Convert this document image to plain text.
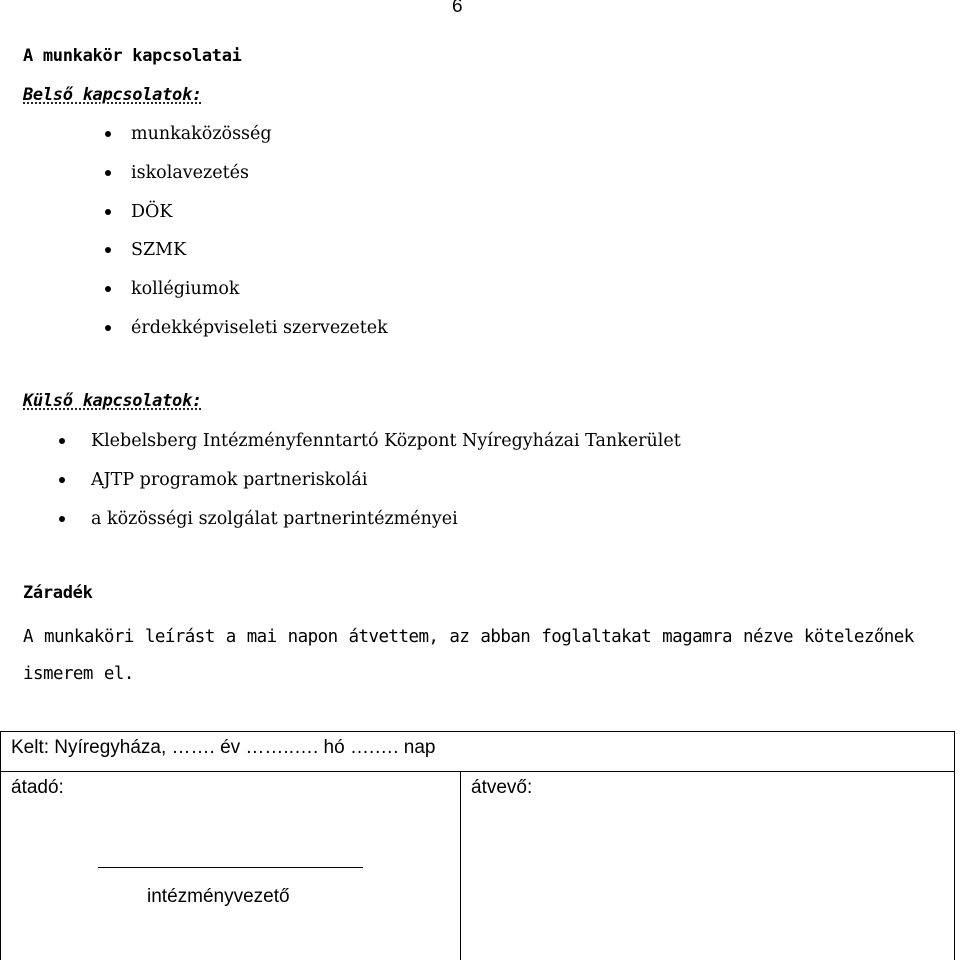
6
A munkakör kapcsolatai
Belső kapcsolatok:
munkaközösség
iskolavezetés
DÖK
SZMK
kollégiumok
érdekképviseleti szervezetek
Külső kapcsolatok:
Klebelsberg Intézményfenntartó Központ Nyíregyházai Tankerület
AJTP programok partneriskolái
a közösségi szolgálat partnerintézményei
Záradék
A munkaköri leírást a mai napon átvettem, az abban foglaltakat magamra nézve kötelezőnek ismerem el.
Kelt: Nyíregyháza, ……. év ……..…. hó ….…. nap
átadó:	átvevő:
intézményvezető
